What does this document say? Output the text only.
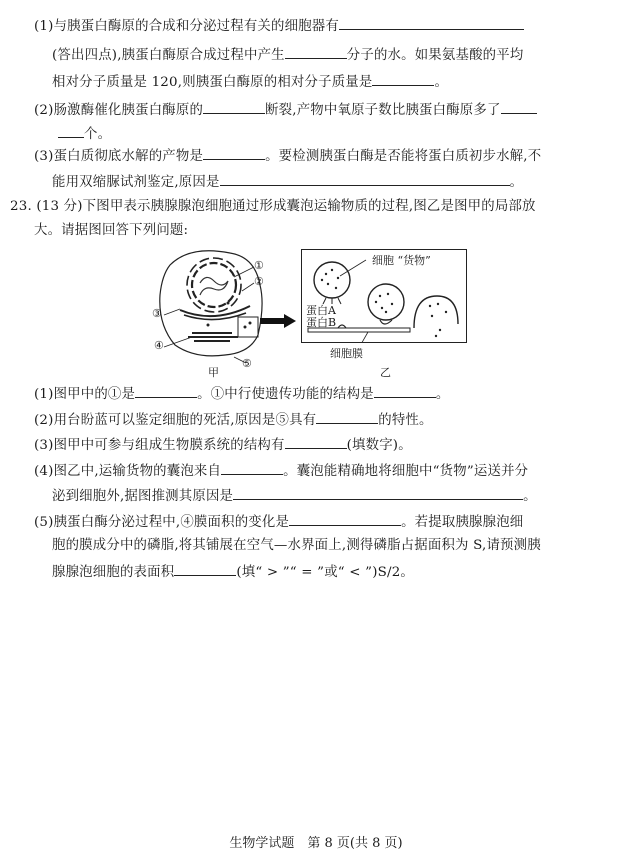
(1)与胰蛋白酶原的合成和分泌过程有关的细胞器有
(答出四点),胰蛋白酶原合成过程中产生	分子的水。如果氨基酸的平均
相对分子质量是 120,则胰蛋白酶原的相对分子质量是	。
(2)肠激酶催化胰蛋白酶原的	断裂,产物中氧原子数比胰蛋白酶原多了
个。
(3)蛋白质彻底水解的产物是	。要检测胰蛋白酶是否能将蛋白质初步水解,不
能用双缩脲试剂鉴定,原因是	。
23. (13 分)下图甲表示胰腺腺泡细胞通过形成囊泡运输物质的过程,图乙是图甲的局部放
大。请据图回答下列问题:
①
②
③
④
⑤
甲
细胞 “货物”
蛋白A
蛋白B
细胞膜
乙
(1)图甲中的①是	。①中行使遗传功能的结构是	。
(2)用台盼蓝可以鉴定细胞的死活,原因是⑤具有	的特性。
(3)图甲中可参与组成生物膜系统的结构有	(填数字)。
(4)图乙中,运输货物的囊泡来自	。囊泡能精确地将细胞中“货物”运送并分
泌到细胞外,据图推测其原因是	。
(5)胰蛋白酶分泌过程中,④膜面积的变化是	。若提取胰腺腺泡细
胞的膜成分中的磷脂,将其铺展在空气—水界面上,测得磷脂占据面积为 S,请预测胰
腺腺泡细胞的表面积	(填“ > ”“ = ”或“ < ”)S/2。
生物学试题　第 8 页(共 8 页)
